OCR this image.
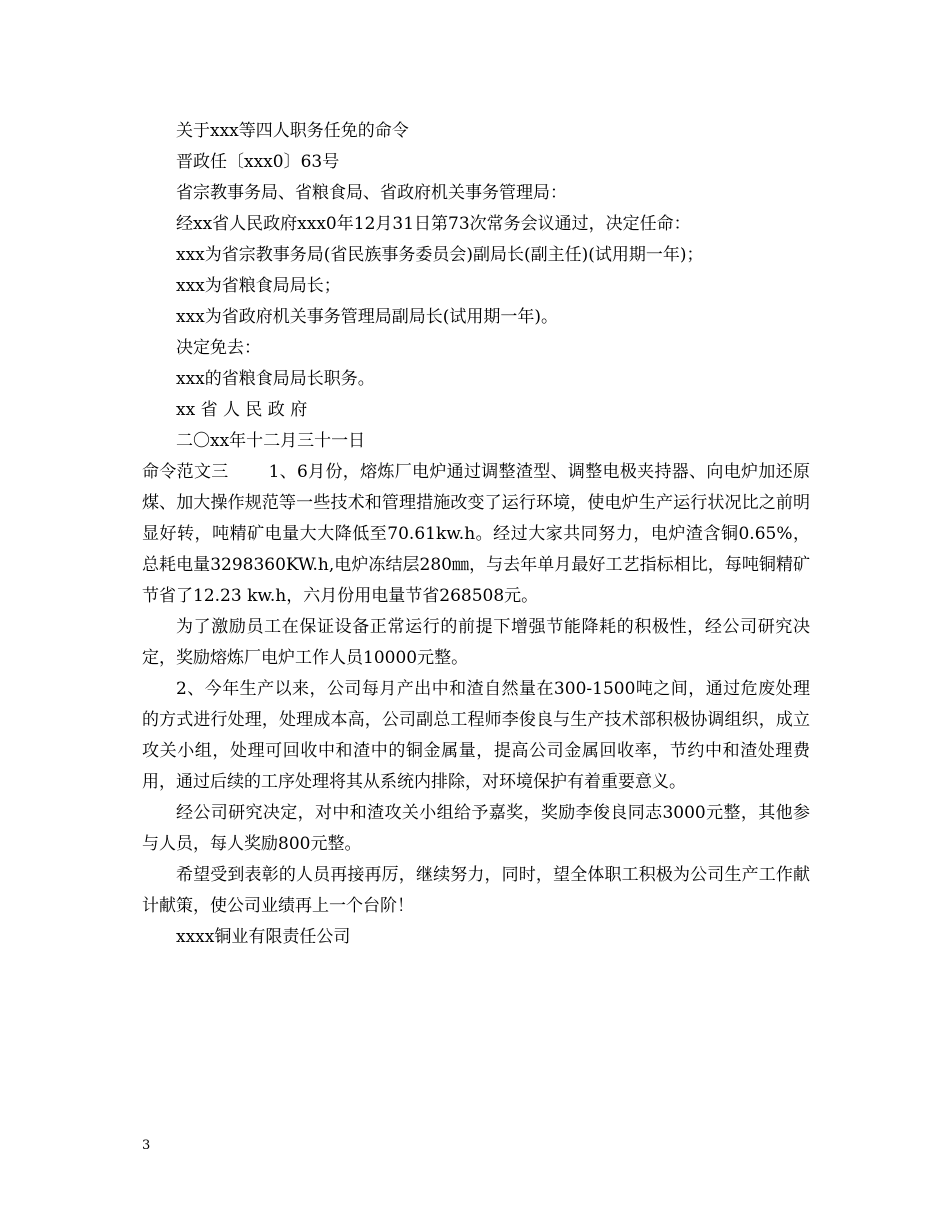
关于xxx等四人职务任免的命令

晋政任〔xxx0〕63号

省宗教事务局、省粮食局、省政府机关事务管理局：

经xx省人民政府xxx0年12月31日第73次常务会议通过，决定任命：

xxx为省宗教事务局(省民族事务委员会)副局长(副主任)(试用期一年)；

xxx为省粮食局局长；

xxx为省政府机关事务管理局副局长(试用期一年)。

决定免去：

xxx的省粮食局局长职务。

xx 省 人 民 政 府

二〇xx年十二月三十一日

命令范文三 1、6月份，熔炼厂电炉通过调整渣型、调整电极夹持器、向电炉加还原煤、加大操作规范等一些技术和管理措施改变了运行环境，使电炉生产运行状况比之前明显好转，吨精矿电量大大降低至70.61kw.h。经过大家共同努力，电炉渣含铜0.65%，总耗电量3298360KW.h,电炉冻结层280㎜，与去年单月最好工艺指标相比，每吨铜精矿节省了12.23 kw.h，六月份用电量节省268508元。

为了激励员工在保证设备正常运行的前提下增强节能降耗的积极性，经公司研究决定，奖励熔炼厂电炉工作人员10000元整。

2、今年生产以来，公司每月产出中和渣自然量在300-1500吨之间，通过危废处理的方式进行处理，处理成本高，公司副总工程师李俊良与生产技术部积极协调组织，成立攻关小组，处理可回收中和渣中的铜金属量，提高公司金属回收率，节约中和渣处理费用，通过后续的工序处理将其从系统内排除，对环境保护有着重要意义。

经公司研究决定，对中和渣攻关小组给予嘉奖，奖励李俊良同志3000元整，其他参与人员，每人奖励800元整。

希望受到表彰的人员再接再厉，继续努力，同时，望全体职工积极为公司生产工作献计献策，使公司业绩再上一个台阶！

xxxx铜业有限责任公司

3
